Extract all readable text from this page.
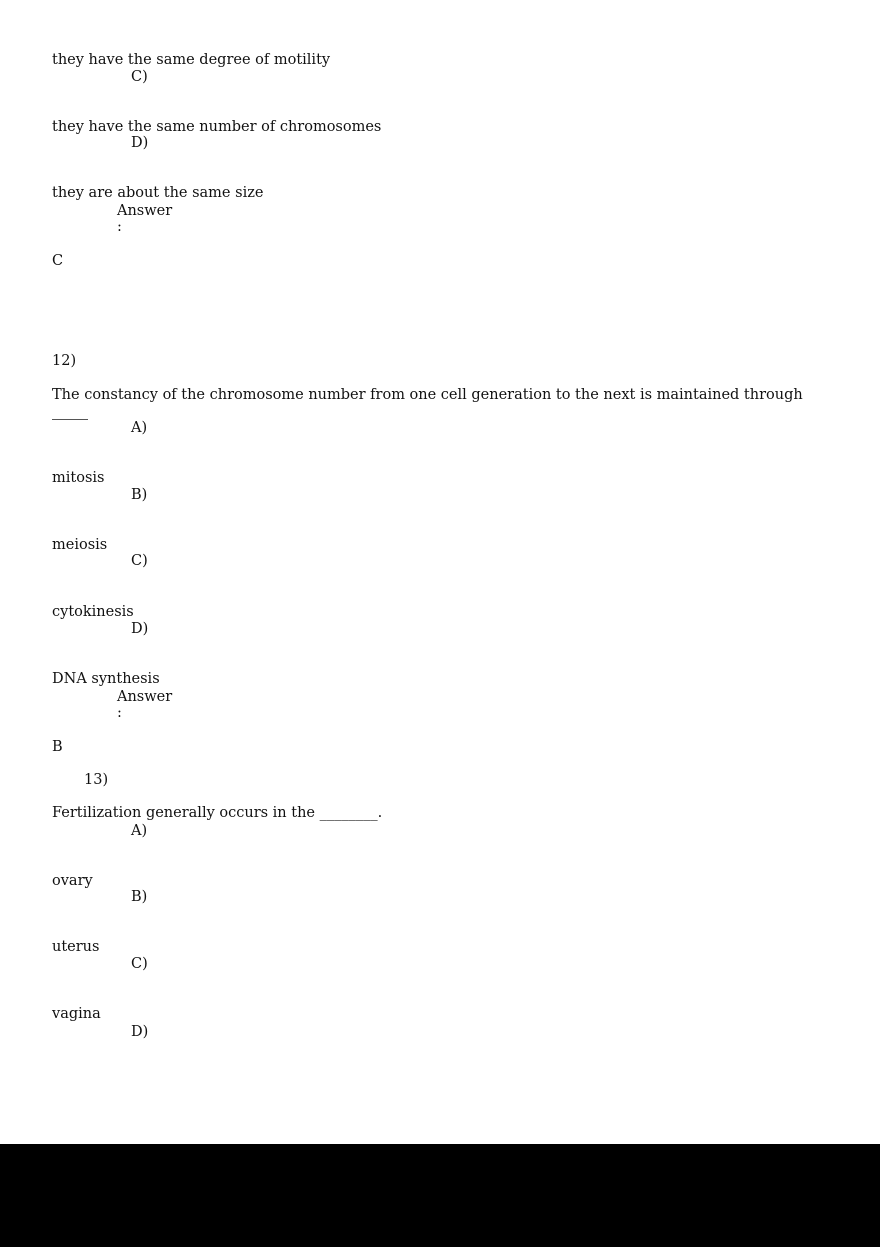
they have the same degree of motility
C)
they have the same number of chromosomes
D)
they are about the same size
Answer
:
C
12)
The constancy of the chromosome number from one cell generation to the next is maintained through
A)
mitosis
B)
meiosis
C)
cytokinesis
D)
DNA synthesis
Answer
:
B
13)
Fertilization generally occurs in the ________.
A)
ovary
B)
uterus
C)
vagina
D)
